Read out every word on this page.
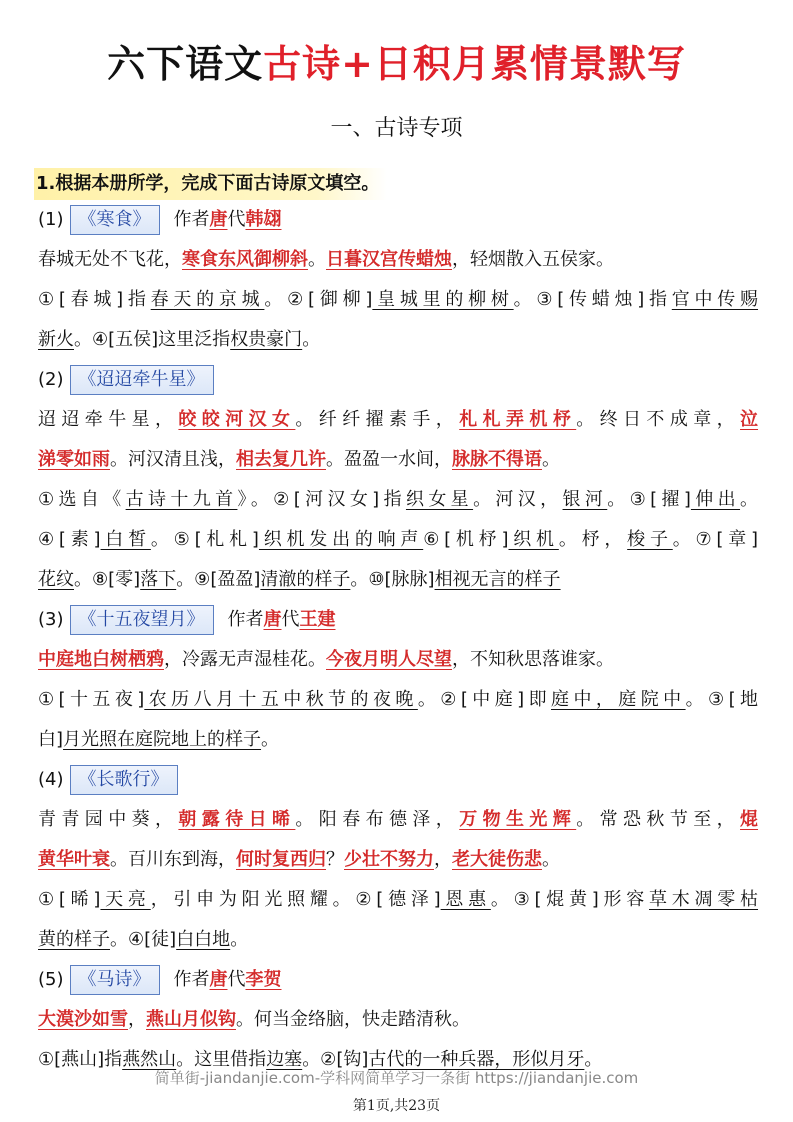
六下语文古诗+日积月累情景默写
一、古诗专项
1.根据本册所学，完成下面古诗原文填空。
(1) 《寒食》 作者唐代韩翃
春城无处不飞花，寒食东风御柳斜。日暮汉宫传蜡烛，轻烟散入五侯家。
①[春城]指春天的京城。②[御柳]皇城里的柳树。③[传蜡烛]指官中传赐
新火。④[五侯]这里泛指权贵豪门。
(2) 《迢迢牵牛星》
迢迢牵牛星，皎皎河汉女。纤纤擢素手，札札弄机杼。终日不成章，泣
涕零如雨。河汉清且浅，相去复几许。盈盈一水间，脉脉不得语。
①选自《古诗十九首》。②[河汉女]指织女星。河汉，银河。③[擢]伸出。
④[素]白皙。⑤[札札]织机发出的响声⑥[机杼]织机。杼，梭子。⑦[章]
花纹。⑧[零]落下。⑨[盈盈]清澈的样子。⑩[脉脉]相视无言的样子
(3) 《十五夜望月》 作者唐代王建
中庭地白树栖鸦，冷露无声湿桂花。今夜月明人尽望，不知秋思落谁家。
①[十五夜]农历八月十五中秋节的夜晚。②[中庭]即庭中，庭院中。③[地
白]月光照在庭院地上的样子。
(4) 《长歌行》
青青园中葵，朝露待日晞。阳春布德泽，万物生光辉。常恐秋节至，焜
黄华叶衰。百川东到海，何时复西归？少壮不努力，老大徒伤悲。
①[晞]天亮，引申为阳光照耀。②[德泽]恩惠。③[焜黄]形容草木凋零枯
黄的样子。④[徒]白白地。
(5) 《马诗》 作者唐代李贺
大漠沙如雪，燕山月似钩。何当金络脑，快走踏清秋。
①[燕山]指燕然山。这里借指边塞。②[钩]古代的一种兵器，形似月牙。
简单街-jiandanjie.com-学科网简单学习一条街 https://jiandanjie.com
第1页,共23页
